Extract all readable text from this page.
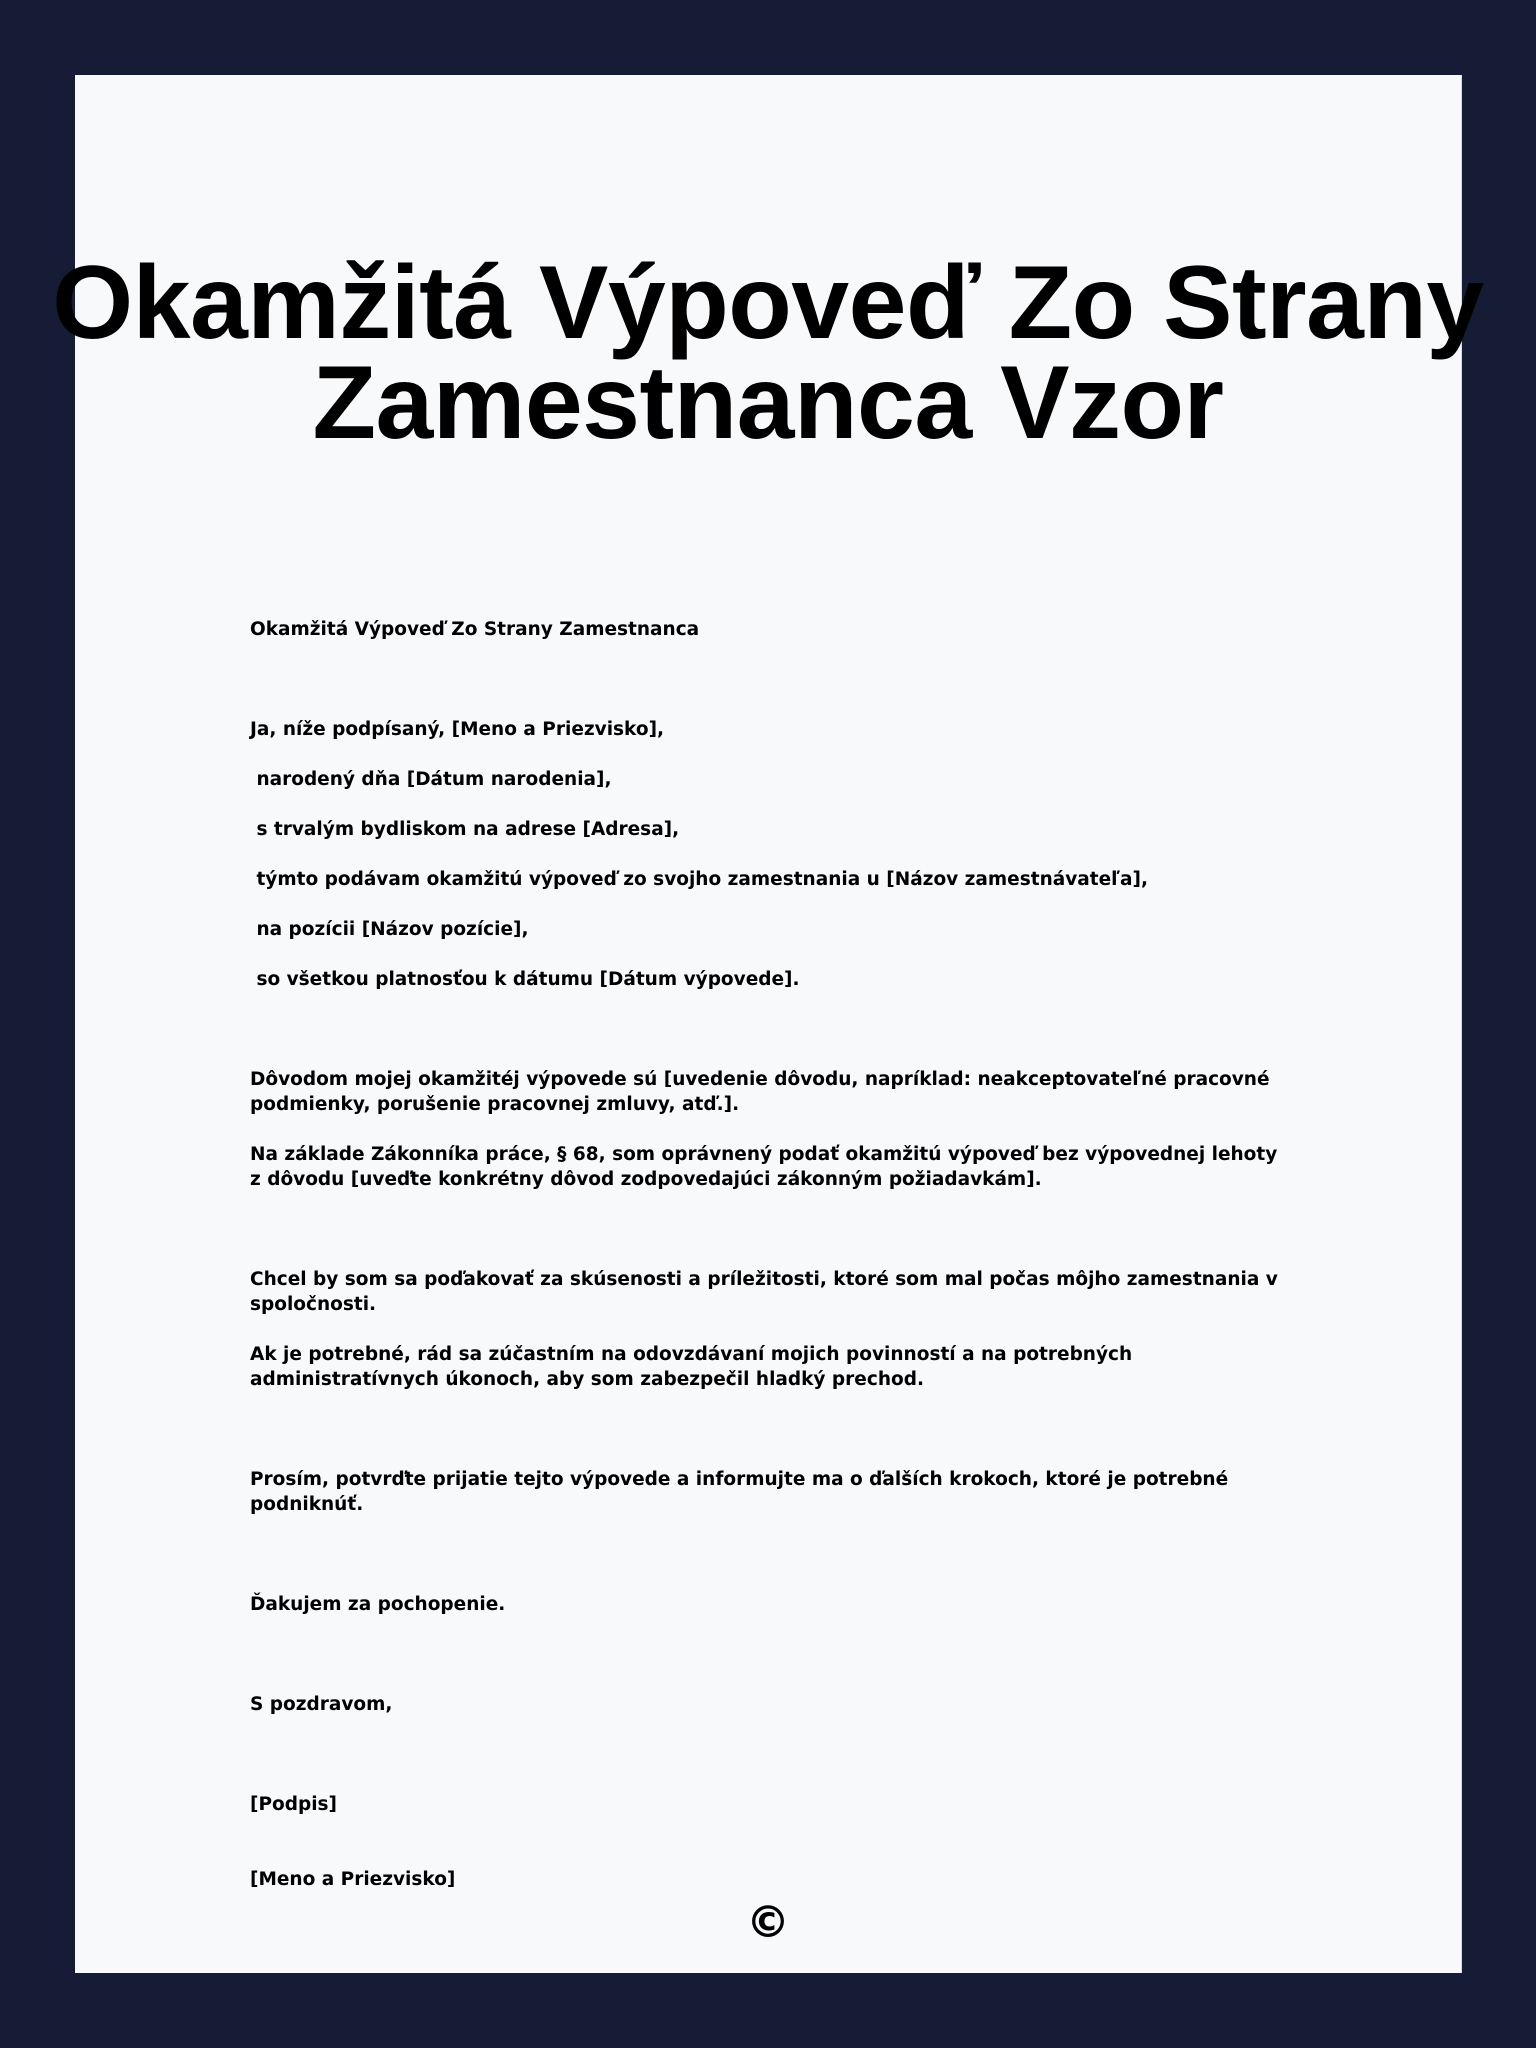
Okamžitá Výpoveď Zo Strany
Zamestnanca Vzor

Okamžitá Výpoveď Zo Strany Zamestnanca

Ja, níže podpísaný, [Meno a Priezvisko],

narodený dňa [Dátum narodenia],

s trvalým bydliskom na adrese [Adresa],

týmto podávam okamžitú výpoveď zo svojho zamestnania u [Názov zamestnávateľa],

na pozícii [Názov pozície],

so všetkou platnosťou k dátumu [Dátum výpovede].

Dôvodom mojej okamžitéj výpovede sú [uvedenie dôvodu, napríklad: neakceptovateľné pracovné podmienky, porušenie pracovnej zmluvy, atď.].

Na základe Zákonníka práce, § 68, som oprávnený podať okamžitú výpoveď bez výpovednej lehoty z dôvodu [uveďte konkrétny dôvod zodpovedajúci zákonným požiadavkám].

Chcel by som sa poďakovať za skúsenosti a príležitosti, ktoré som mal počas môjho zamestnania v spoločnosti.

Ak je potrebné, rád sa zúčastním na odovzdávaní mojich povinností a na potrebných administratívnych úkonoch, aby som zabezpečil hladký prechod.

Prosím, potvrďte prijatie tejto výpovede a informujte ma o ďalších krokoch, ktoré je potrebné podniknúť.

Ďakujem za pochopenie.

S pozdravom,

[Podpis]

[Meno a Priezvisko]

©
